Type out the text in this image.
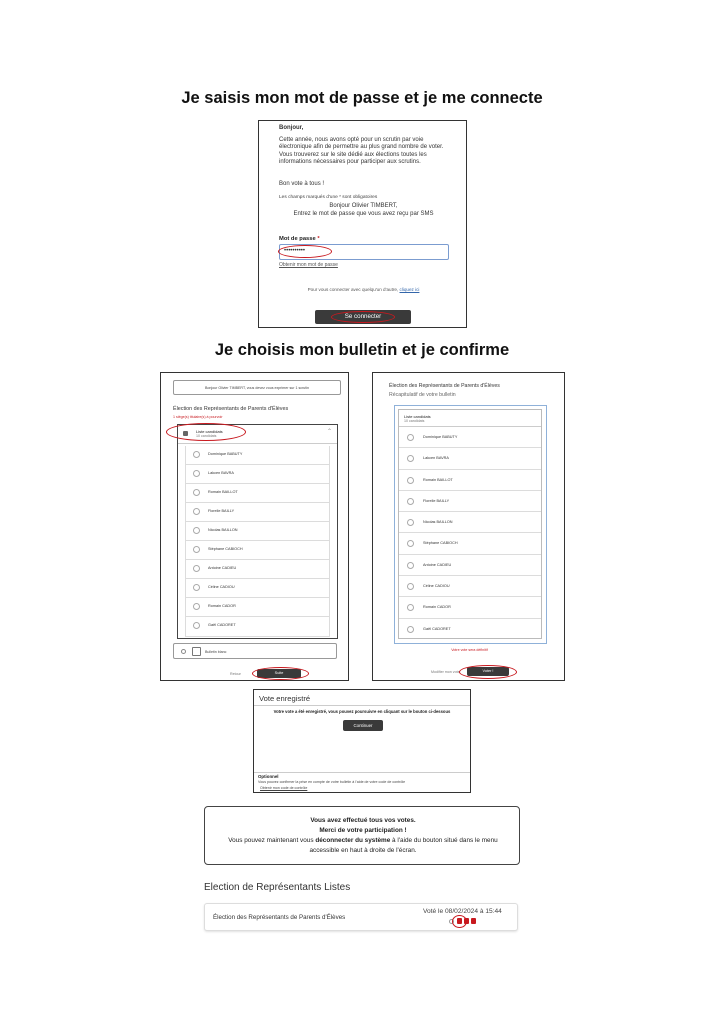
Je saisis mon mot de passe et je me connecte
Je choisis mon bulletin et je confirme
Bonjour,
Cette année, nous avons opté pour un scrutin par voie électronique afin de permettre au plus grand nombre de voter. Vous trouverez sur le site dédié aux élections toutes les informations nécessaires pour participer aux scrutins.
Bon vote à tous !
Les champs marqués d'une * sont obligatoires
Bonjour Olivier TIMBERT,
Entrez le mot de passe que vous avez reçu par SMS
Mot de passe *
••••••••••
Obtenir mon mot de passe
Pour vous connecter avec quelqu'un d'autre, cliquez ici
Se connecter
Bonjour Olivier TIMBERT, vous devez vous exprimer sur 1 scrutin
Élection des Représentants de Parents d'Élèves
1 siège(s) titulaire(s) à pourvoir
Liste candidats
10 candidats
⌃
Dominique BABUTY
Lakcen BAVRA
Romain BAILLOT
Florelle BAILLY
Nicolas BAILLON
Stéphane CABIOCH
Antoine CADIEU
Céline CADIOU
Romain CADOR
Gaël CADORET
Bulletin blanc
Retour	Suite
Élection des Représentants de Parents d'Élèves
Récapitulatif de votre bulletin
Liste candidats
10 candidats
Dominique BABUTY
Lakcen BAVRA
Romain BAILLOT
Florelle BAILLY
Nicolas BAILLON
Stéphane CABIOCH
Antoine CADIEU
Céline CADIOU
Romain CADOR
Gaël CADORET
Votre vote sera définitif
Modifier mon vote	Voter !
Vote enregistré
Votre vote a été enregistré, vous pouvez poursuivre en cliquant sur le bouton ci-dessous
Continuer
Optionnel
Vous pouvez confirmer la prise en compte de votre bulletin à l'aide de votre code de contrôle
Obtenir mon code de contrôle
Vous avez effectué tous vos votes.
Merci de votre participation !
Vous pouvez maintenant vous déconnecter du système à l'aide du bouton situé dans le menu
accessible en haut à droite de l'écran.
Election de Représentants Listes
Élection des Représentants de Parents d'Élèves
Voté le 08/02/2024 à 15:44
